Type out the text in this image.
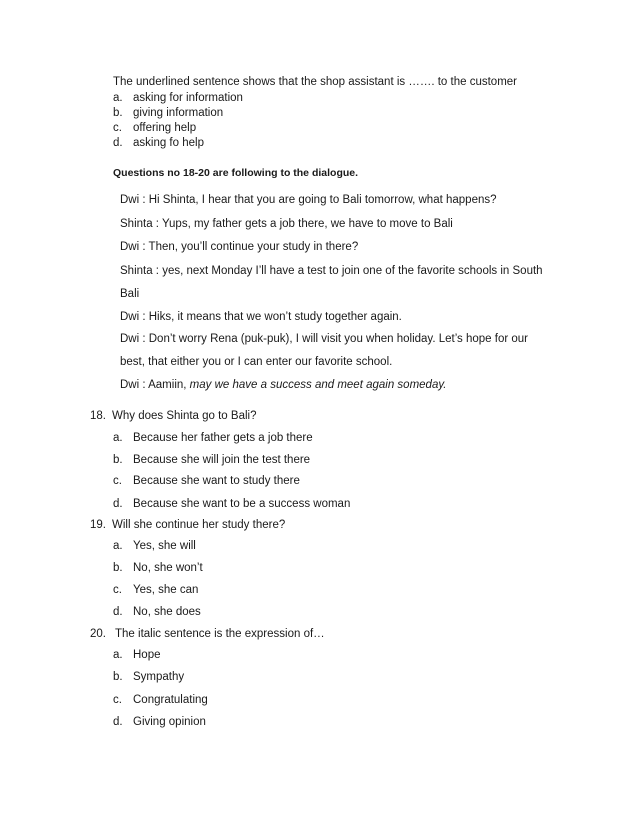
The underlined sentence shows that the shop assistant is ……. to the customer
a. asking for information
b. giving information
c. offering help
d. asking fo help
Questions no 18-20 are following to the dialogue.
Dwi : Hi Shinta, I hear that you are going to Bali tomorrow, what happens?
Shinta : Yups, my father gets a job there, we have to move to Bali
Dwi : Then, you’ll continue your study in there?
Shinta : yes, next Monday I’ll have a test to join one of the favorite schools in South
Bali
Dwi : Hiks, it means that we won’t study together again.
Dwi : Don’t worry Rena (puk-puk), I will visit you when holiday. Let’s hope for our
best, that either you or I can enter our favorite school.
Dwi : Aamiin, may we have a success and meet again someday.
18. Why does Shinta go to Bali?
a. Because her father gets a job there
b. Because she will join the test there
c. Because she want to study there
d. Because she want to be a success woman
19. Will she continue her study there?
a. Yes, she will
b. No, she won’t
c. Yes, she can
d. No, she does
20. The italic sentence is the expression of…
a. Hope
b. Sympathy
c. Congratulating
d. Giving opinion
